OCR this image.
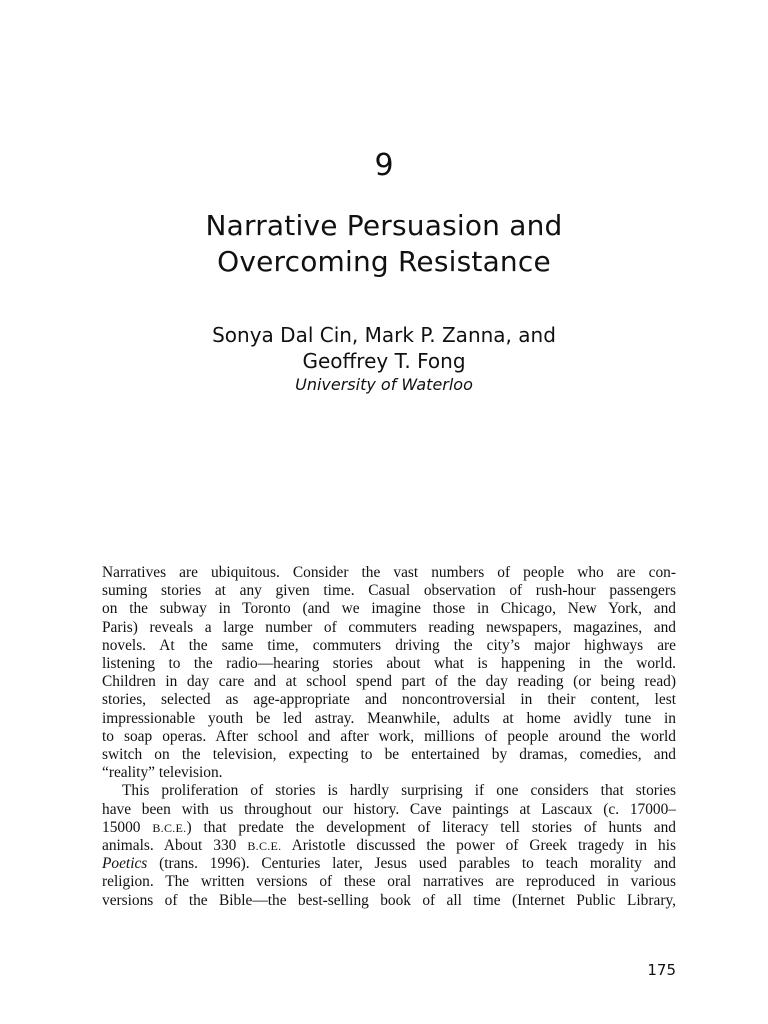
9
Narrative Persuasion and
Overcoming Resistance
Sonya Dal Cin, Mark P. Zanna, and
Geoffrey T. Fong
University of Waterloo
Narratives are ubiquitous. Consider the vast numbers of people who are con-
suming stories at any given time. Casual observation of rush-hour passengers
on the subway in Toronto (and we imagine those in Chicago, New York, and
Paris) reveals a large number of commuters reading newspapers, magazines, and
novels. At the same time, commuters driving the city’s major highways are
listening to the radio—hearing stories about what is happening in the world.
Children in day care and at school spend part of the day reading (or being read)
stories, selected as age-appropriate and noncontroversial in their content, lest
impressionable youth be led astray. Meanwhile, adults at home avidly tune in
to soap operas. After school and after work, millions of people around the world
switch on the television, expecting to be entertained by dramas, comedies, and
“reality” television.
This proliferation of stories is hardly surprising if one considers that stories
have been with us throughout our history. Cave paintings at Lascaux (c. 17000–
15000 B.C.E.) that predate the development of literacy tell stories of hunts and
animals. About 330 B.C.E. Aristotle discussed the power of Greek tragedy in his
Poetics (trans. 1996). Centuries later, Jesus used parables to teach morality and
religion. The written versions of these oral narratives are reproduced in various
versions of the Bible—the best-selling book of all time (Internet Public Library,
175
